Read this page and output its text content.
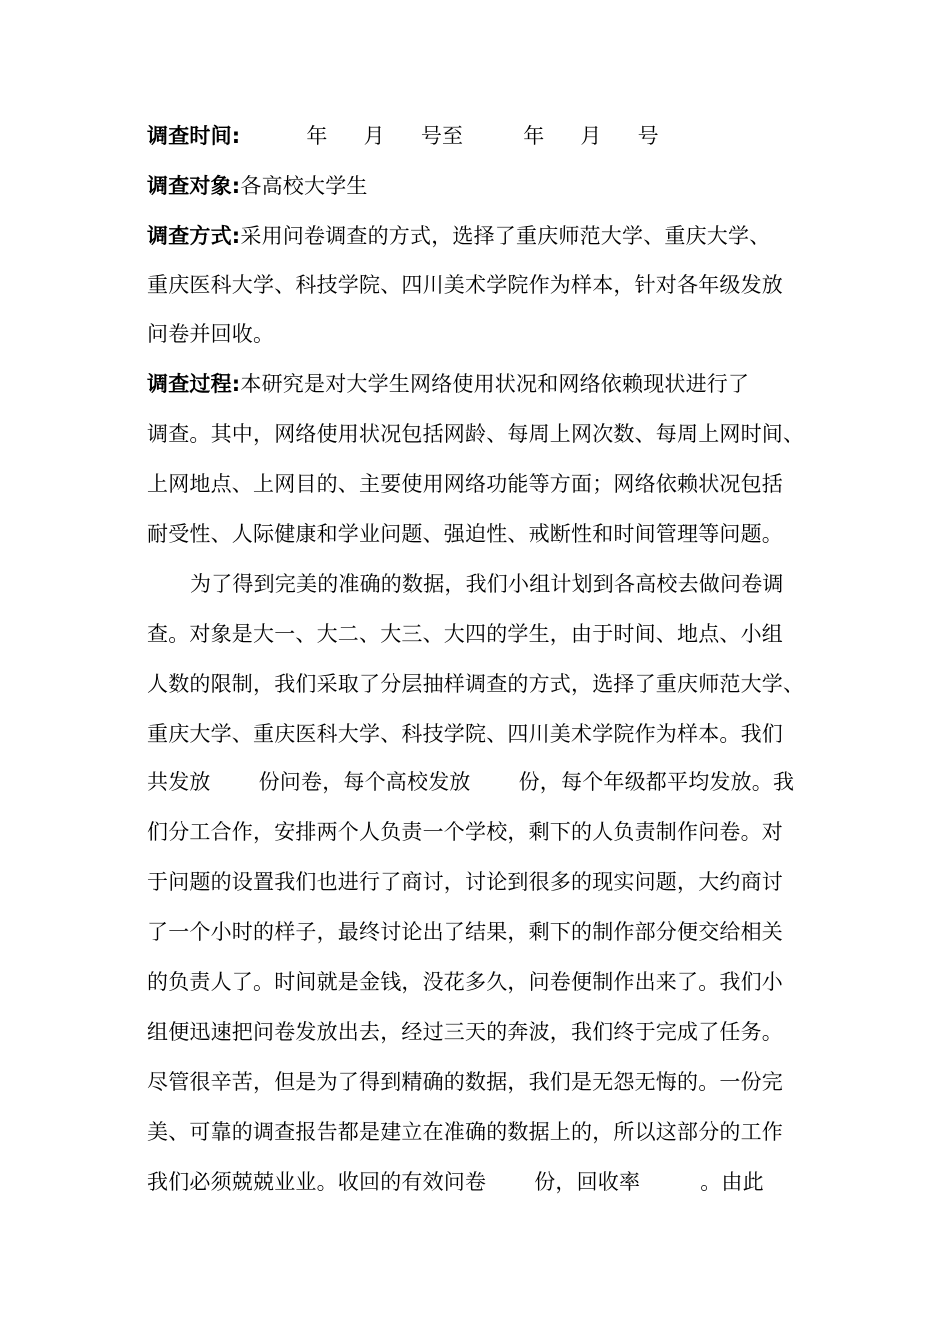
调查时间:	年 月 号至	年 月 号
调查对象:各高校大学生
调查方式:采用问卷调查的方式，选择了重庆师范大学、重庆大学、
重庆医科大学、科技学院、四川美术学院作为样本，针对各年级发放
问卷并回收。
调查过程:本研究是对大学生网络使用状况和网络依赖现状进行了
调查。其中，网络使用状况包括网龄、每周上网次数、每周上网时间、
上网地点、上网目的、主要使用网络功能等方面；网络依赖状况包括
耐受性、人际健康和学业问题、强迫性、戒断性和时间管理等问题。
为了得到完美的准确的数据，我们小组计划到各高校去做问卷调
查。对象是大一、大二、大三、大四的学生，由于时间、地点、小组
人数的限制，我们采取了分层抽样调查的方式，选择了重庆师范大学、
重庆大学、重庆医科大学、科技学院、四川美术学院作为样本。我们
共发放 份问卷，每个高校发放 份，每个年级都平均发放。我
们分工合作，安排两个人负责一个学校，剩下的人负责制作问卷。对
于问题的设置我们也进行了商讨，讨论到很多的现实问题，大约商讨
了一个小时的样子，最终讨论出了结果，剩下的制作部分便交给相关
的负责人了。时间就是金钱，没花多久，问卷便制作出来了。我们小
组便迅速把问卷发放出去，经过三天的奔波，我们终于完成了任务。
尽管很辛苦，但是为了得到精确的数据，我们是无怨无悔的。一份完
美、可靠的调查报告都是建立在准确的数据上的，所以这部分的工作
我们必须兢兢业业。收回的有效问卷 份，回收率	。由此
